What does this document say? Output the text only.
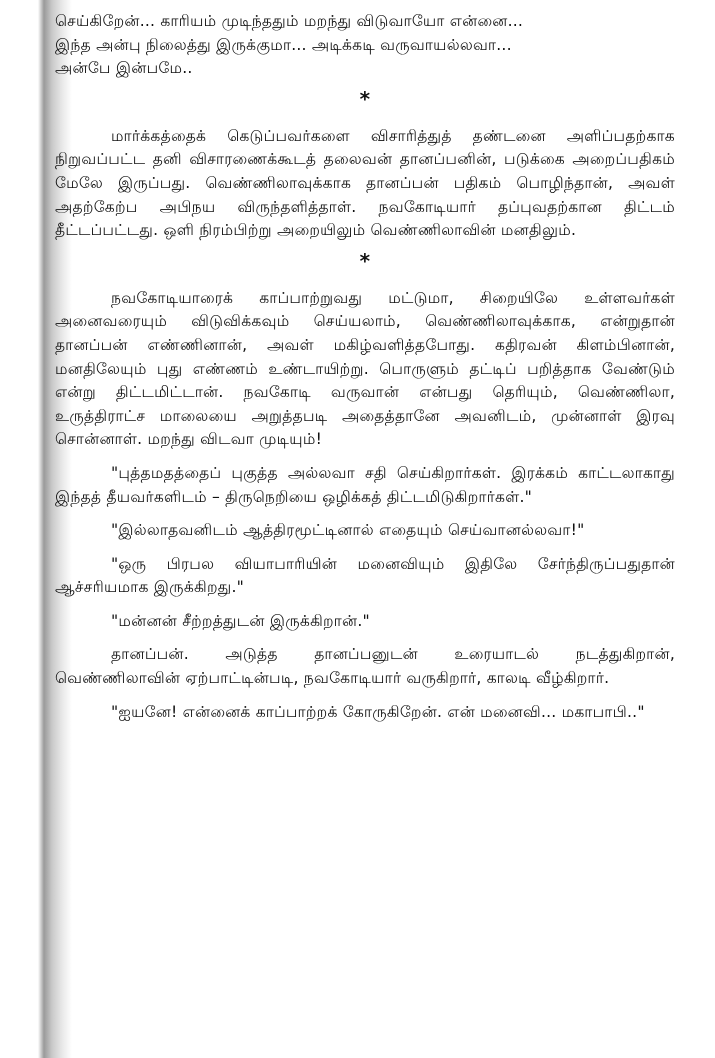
செய்கிறேன்... காரியம் முடிந்ததும் மறந்து விடுவாயோ என்னை...

இந்த அன்பு நிலைத்து இருக்குமா... அடிக்கடி வருவாயல்லவா...

அன்பே இன்பமே..

*

மார்க்கத்தைக் கெடுப்பவர்களை விசாரித்துத் தண்டனை அளிப்பதற்காக நிறுவப்பட்ட தனி விசாரணைக்கூடத் தலைவன் தானப்பனின், படுக்கை அறைப்பதிகம் மேலே இருப்பது. வெண்ணிலாவுக்காக தானப்பன் பதிகம் பொழிந்தான், அவள் அதற்கேற்ப அபிநய விருந்தளித்தாள். நவகோடியார் தப்புவதற்கான திட்டம் தீட்டப்பட்டது. ஒளி நிரம்பிற்று அறையிலும் வெண்ணிலாவின் மனதிலும்.

*

நவகோடியாரைக் காப்பாற்றுவது மட்டுமா, சிறையிலே உள்ளவர்கள் அனைவரையும் விடுவிக்கவும் செய்யலாம், வெண்ணிலாவுக்காக, என்றுதான் தானப்பன் எண்ணினான், அவள் மகிழ்வளித்தபோது. கதிரவன் கிளம்பினான், மனதிலேயும் புது எண்ணம் உண்டாயிற்று. பொருளும் தட்டிப் பறித்தாக வேண்டும் என்று திட்டமிட்டான். நவகோடி வருவான் என்பது தெரியும், வெண்ணிலா, உருத்திராட்ச மாலையை அறுத்தபடி அதைத்தானே அவனிடம், முன்னாள் இரவு சொன்னாள். மறந்து விடவா முடியும்!

"புத்தமதத்தைப் புகுத்த அல்லவா சதி செய்கிறார்கள். இரக்கம் காட்டலாகாது இந்தத் தீயவர்களிடம் – திருநெறியை ஒழிக்கத் திட்டமிடுகிறார்கள்."

"இல்லாதவனிடம் ஆத்திரமூட்டினால் எதையும் செய்வானல்லவா!"

"ஒரு பிரபல வியாபாரியின் மனைவியும் இதிலே சேர்ந்திருப்பதுதான் ஆச்சரியமாக இருக்கிறது."

"மன்னன் சீற்றத்துடன் இருக்கிறான்."

தானப்பன். அடுத்த தானப்பனுடன் உரையாடல் நடத்துகிறான், வெண்ணிலாவின் ஏற்பாட்டின்படி, நவகோடியார் வருகிறார், காலடி வீழ்கிறார்.

"ஐயனே! என்னைக் காப்பாற்றக் கோருகிறேன். என் மனைவி... மகாபாபி.."
